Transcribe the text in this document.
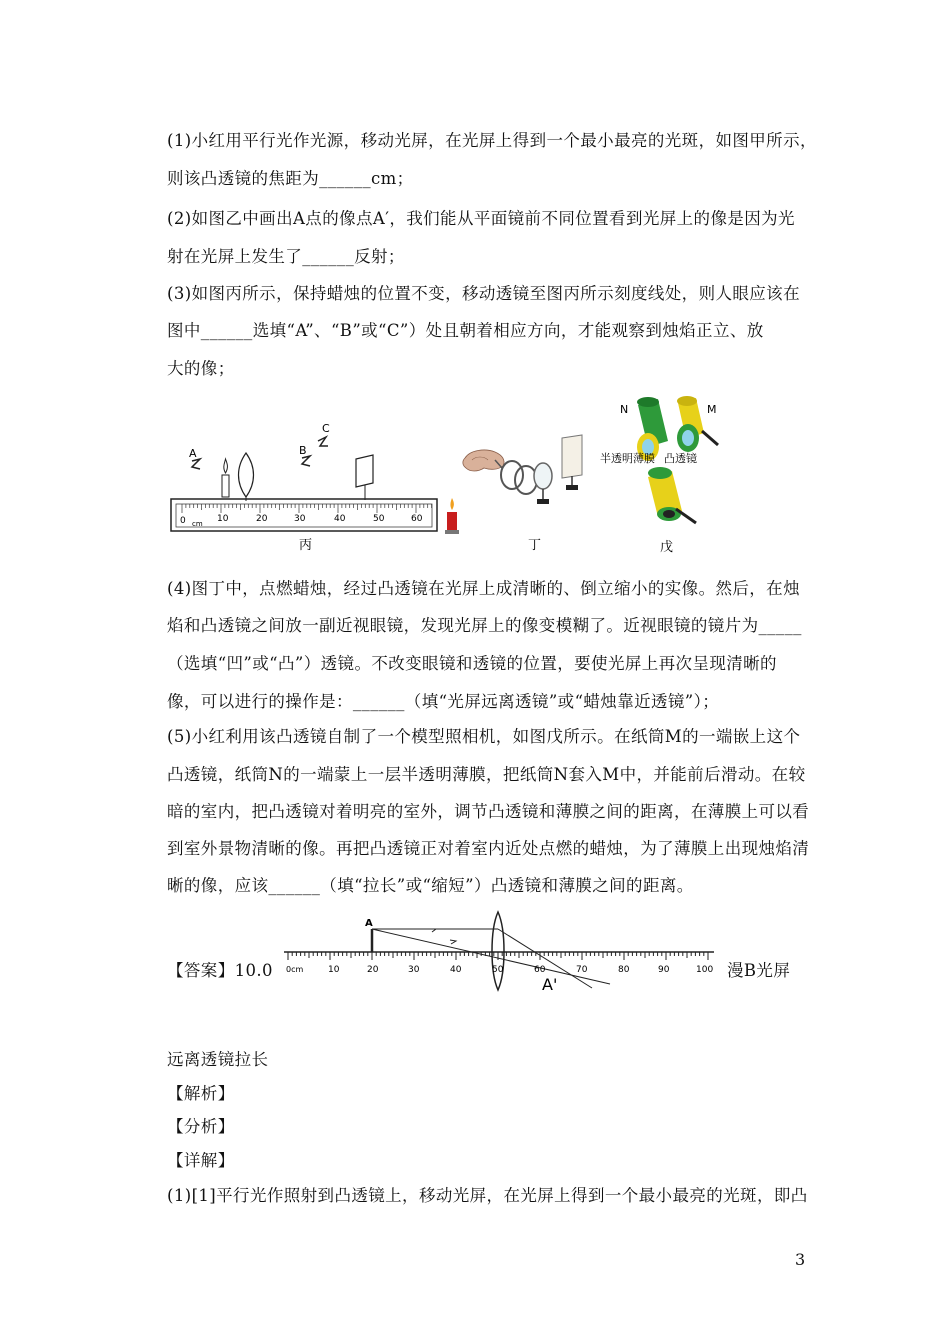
(1)小红用平行光作光源，移动光屏，在光屏上得到一个最小最亮的光斑，如图甲所示，
则该凸透镜的焦距为______cm；
(2)如图乙中画出A点的像点A′，我们能从平面镜前不同位置看到光屏上的像是因为光
射在光屏上发生了______反射；
(3)如图丙所示，保持蜡烛的位置不变，移动透镜至图丙所示刻度线处，则人眼应该在
图中______选填“A”、“B”或“C”）处且朝着相应方向，才能观察到烛焰正立、放
大的像；
0 cm 10	20	30	40	50	60
A	B
C
丙	丁
N	M
半透明薄膜 凸透镜
戊
(4)图丁中，点燃蜡烛，经过凸透镜在光屏上成清晰的、倒立缩小的实像。然后，在烛
焰和凸透镜之间放一副近视眼镜，发现光屏上的像变模糊了。近视眼镜的镜片为_____
（选填“凹”或“凸”）透镜。不改变眼镜和透镜的位置，要使光屏上再次呈现清晰的
像，可以进行的操作是：______（填“光屏远离透镜”或“蜡烛靠近透镜”）；
(5)小红利用该凸透镜自制了一个模型照相机，如图戊所示。在纸筒M的一端嵌上这个
凸透镜，纸筒N的一端蒙上一层半透明薄膜，把纸筒N套入M中，并能前后滑动。在较
暗的室内，把凸透镜对着明亮的室外，调节凸透镜和薄膜之间的距离，在薄膜上可以看
到室外景物清晰的像。再把凸透镜正对着室内近处点燃的蜡烛，为了薄膜上出现烛焰清
晰的像，应该______（填“拉长”或“缩短”）凸透镜和薄膜之间的距离。
【答案】10.0
A
A'
0cm	10	20	30	40	50	60	70	80	90	100 漫B光屏
远离透镜拉长
【解析】
【分析】
【详解】
(1)[1]平行光作照射到凸透镜上，移动光屏，在光屏上得到一个最小最亮的光斑，即凸
3
